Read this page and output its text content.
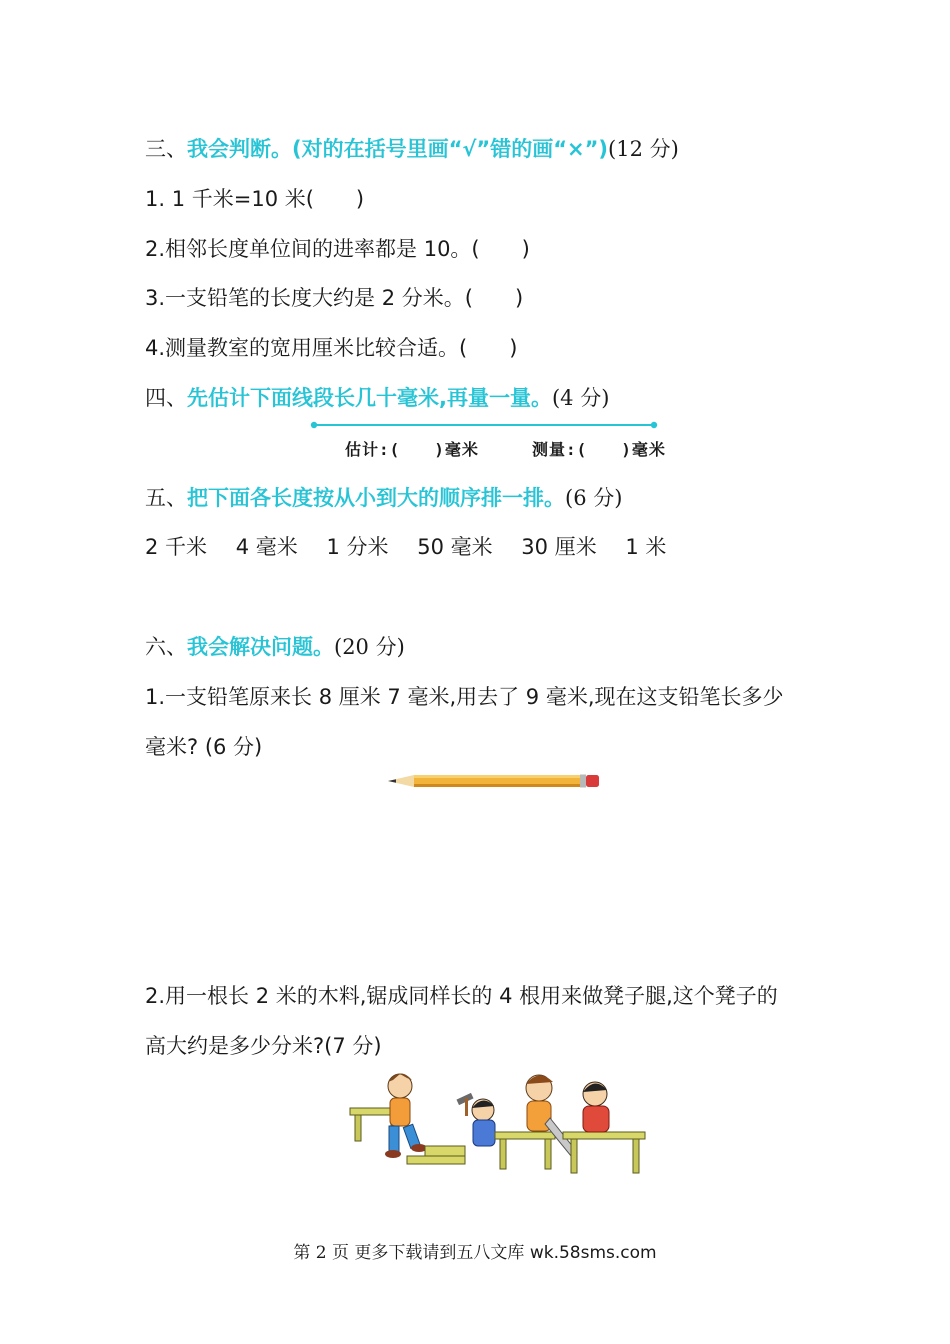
三、我会判断。(对的在括号里画“√”错的画“×”)(12 分)
1. 1 千米=10 米(　　)
2.相邻长度单位间的进率都是 10。(　　)
3.一支铅笔的长度大约是 2 分米。(　　)
4.测量教室的宽用厘米比较合适。(　　)
四、先估计下面线段长几十毫米,再量一量。(4 分)
估计:(　　)毫米	测量:(　　)毫米
五、把下面各长度按从小到大的顺序排一排。(6 分)
2 千米 4 毫米 1 分米 50 毫米 30 厘米 1 米
六、我会解决问题。(20 分)
1.一支铅笔原来长 8 厘米 7 毫米,用去了 9 毫米,现在这支铅笔长多少
毫米? (6 分)
2.用一根长 2 米的木料,锯成同样长的 4 根用来做凳子腿,这个凳子的
高大约是多少分米?(7 分)
第 2 页 更多下载请到五八文库 wk.58sms.com
